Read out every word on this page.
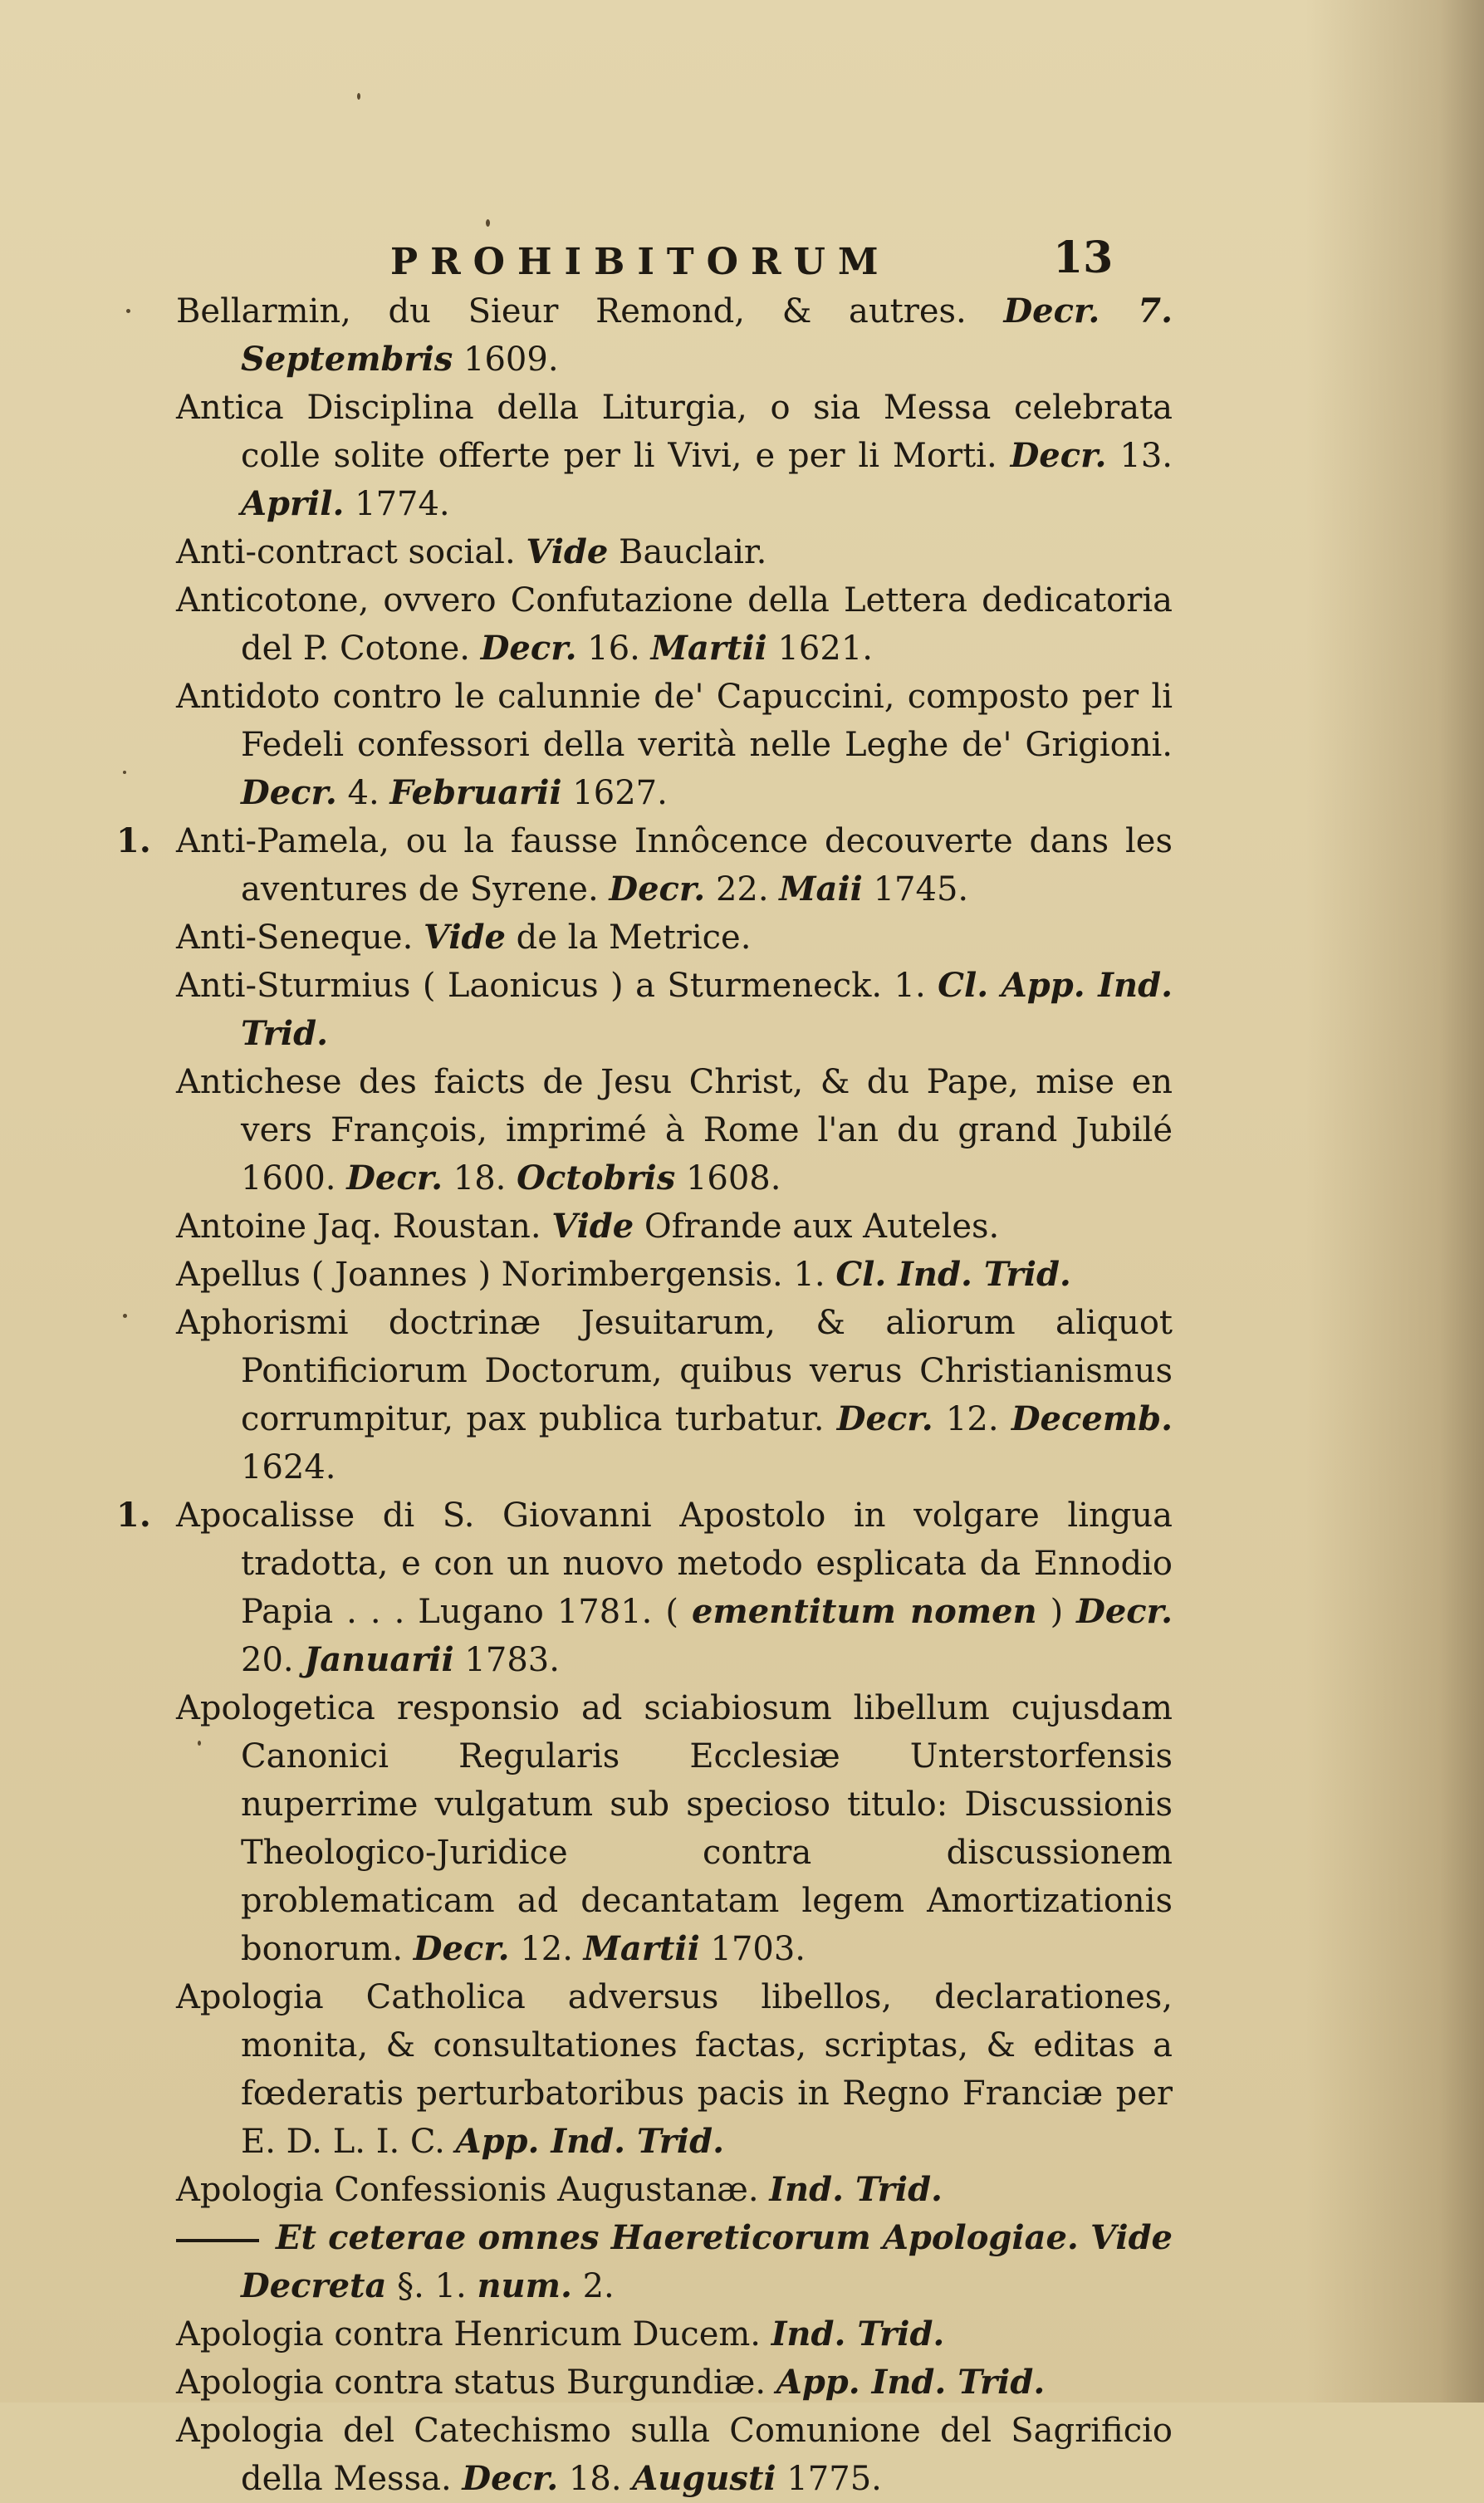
PROHIBITORUM	13
Bellarmin, du Sieur Remond, & autres. Decr. 7. Septembris 1609.
Antica Disciplina della Liturgia, o sia Messa celebrata colle solite offerte per li Vivi, e per li Morti. Decr. 13. April. 1774.
Anti-contract social. Vide Bauclair.
Anticotone, ovvero Confutazione della Lettera dedicatoria del P. Cotone. Decr. 16. Martii 1621.
Antidoto contro le calunnie de' Capuccini, composto per li Fedeli confessori della verità nelle Leghe de' Grigioni. Decr. 4. Februarii 1627.
1. Anti-Pamela, ou la fausse Innôcence decouverte dans les aventures de Syrene. Decr. 22. Maii 1745.
Anti-Seneque. Vide de la Metrice.
Anti-Sturmius ( Laonicus ) a Sturmeneck. 1. Cl. App. Ind. Trid.
Antichese des faicts de Jesu Christ, & du Pape, mise en vers François, imprimé à Rome l'an du grand Jubilé 1600. Decr. 18. Octobris 1608.
Antoine Jaq. Roustan. Vide Ofrande aux Auteles.
Apellus ( Joannes ) Norimbergensis. 1. Cl. Ind. Trid.
Aphorismi doctrinæ Jesuitarum, & aliorum aliquot Pontificiorum Doctorum, quibus verus Christianismus corrumpitur, pax publica turbatur. Decr. 12. Decemb. 1624.
1. Apocalisse di S. Giovanni Apostolo in volgare lingua tradotta, e con un nuovo metodo esplicata da Ennodio Papia . . . Lugano 1781. ( ementitum nomen ) Decr. 20. Januarii 1783.
Apologetica responsio ad sciabiosum libellum cujusdam Canonici Regularis Ecclesiæ Unterstorfensis nuperrime vulgatum sub specioso titulo: Discussionis Theologico-Juridice contra discussionem problematicam ad decantatam legem Amortizationis bonorum. Decr. 12. Martii 1703.
Apologia Catholica adversus libellos, declarationes, monita, & consultationes factas, scriptas, & editas a fœderatis perturbatoribus pacis in Regno Franciæ per E. D. L. I. C. App. Ind. Trid.
Apologia Confessionis Augustanæ. Ind. Trid.
Et ceterae omnes Haereticorum Apologiae. Vide Decreta §. 1. num. 2.
Apologia contra Henricum Ducem. Ind. Trid.
Apologia contra status Burgundiæ. App. Ind. Trid.
Apologia del Catechismo sulla Comunione del Sagrificio della Messa. Decr. 18. Augusti 1775.
